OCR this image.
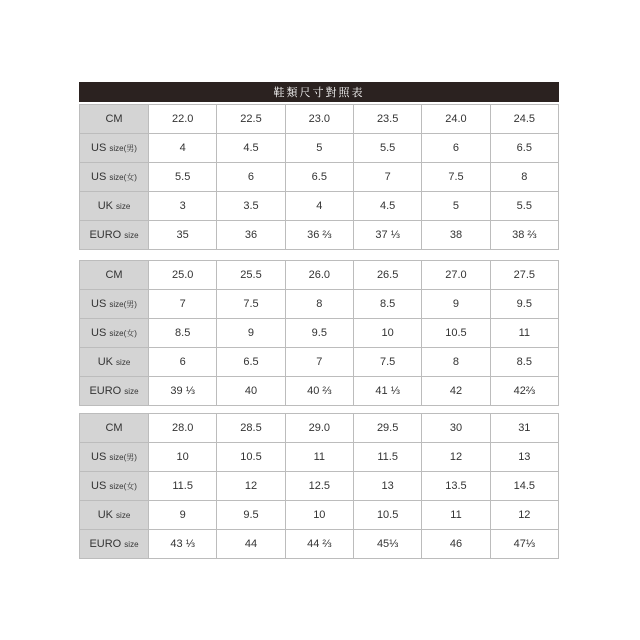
鞋類尺寸對照表
CM	22.0	22.5	23.0	23.5	24.0	24.5
US size(男)	4	4.5	5	5.5	6	6.5
US size(女)	5.5	6	6.5	7	7.5	8
UK size	3	3.5	4	4.5	5	5.5
EURO size	35	36	36 ⅔	37 ⅓	38	38 ⅔
CM	25.0	25.5	26.0	26.5	27.0	27.5
US size(男)	7	7.5	8	8.5	9	9.5
US size(女)	8.5	9	9.5	10	10.5	11
UK size	6	6.5	7	7.5	8	8.5
EURO size	39 ⅓	40	40 ⅔	41 ⅓	42	42⅔
CM	28.0	28.5	29.0	29.5	30	31
US size(男)	10	10.5	11	11.5	12	13
US size(女)	11.5	12	12.5	13	13.5	14.5
UK size	9	9.5	10	10.5	11	12
EURO size	43 ⅓	44	44 ⅔	45⅓	46	47⅓
